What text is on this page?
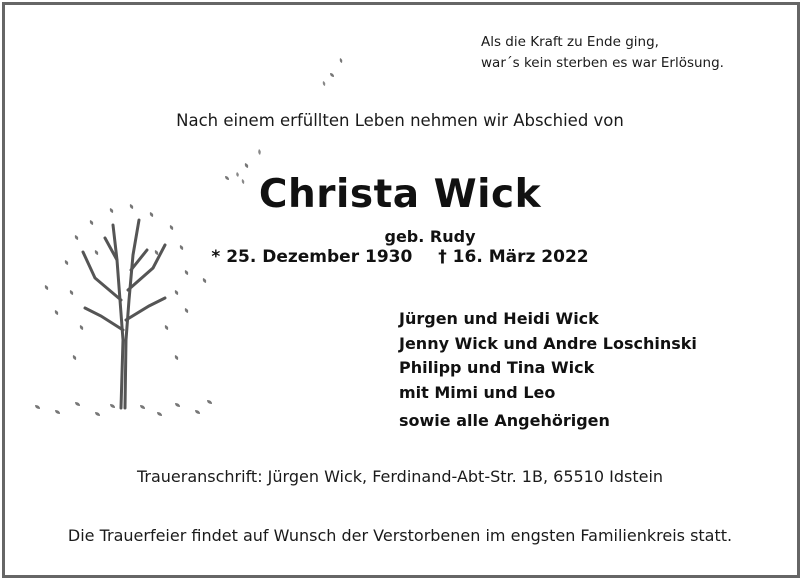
Als die Kraft zu Ende ging,
war´s kein sterben es war Erlösung.
Nach einem erfüllten Leben nehmen wir Abschied von
Christa Wick
geb. Rudy
* 25. Dezember 1930 † 16. März 2022
Jürgen und Heidi Wick
Jenny Wick und Andre Loschinski
Philipp und Tina Wick
mit Mimi und Leo
sowie alle Angehörigen
Traueranschrift: Jürgen Wick, Ferdinand-Abt-Str. 1B, 65510 Idstein
Die Trauerfeier findet auf Wunsch der Verstorbenen im engsten Familienkreis statt.
